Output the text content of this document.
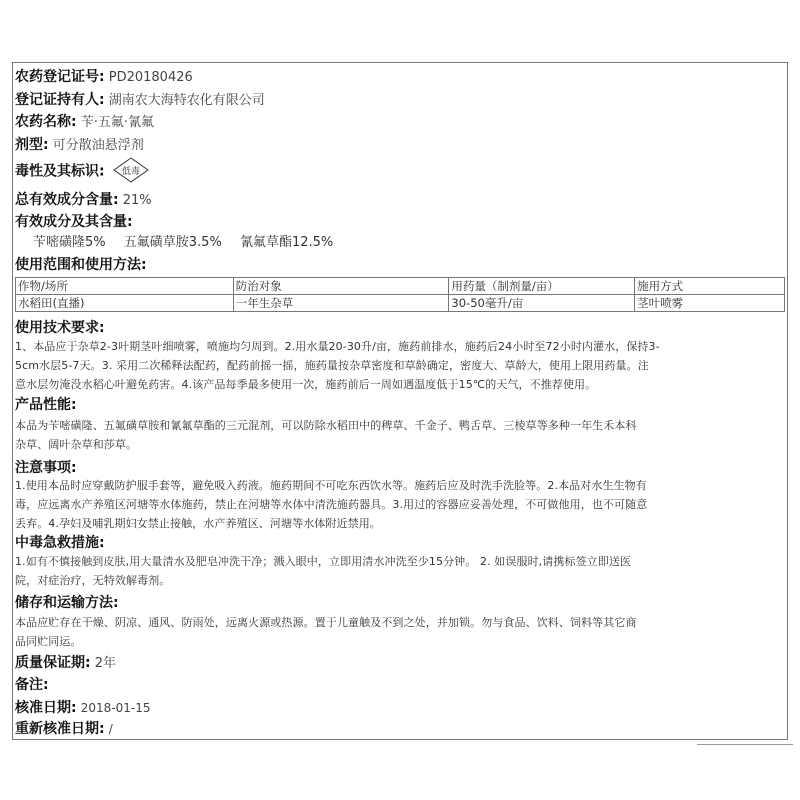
农药登记证号: PD20180426
登记证持有人: 湖南农大海特农化有限公司
农药名称: 苄·五氟·氰氟
剂型: 可分散油悬浮剂
毒性及其标识: 低毒
总有效成分含量: 21%
有效成分及其含量:
苄嘧磺隆5% 五氟磺草胺3.5% 氰氟草酯12.5%
使用范围和使用方法:
作物/场所	防治对象	用药量（制剂量/亩）	施用方式
水稻田(直播)	一年生杂草	30-50毫升/亩	茎叶喷雾
使用技术要求:
1、本品应于杂草2-3叶期茎叶细喷雾，喷施均匀周到。2.用水量20-30升/亩，施药前排水，施药后24小时至72小时内灌水，保持3-
5cm水层5-7天。3. 采用二次稀释法配药，配药前摇一摇，施药量按杂草密度和草龄确定，密度大、草龄大，使用上限用药量。注
意水层勿淹没水稻心叶避免药害。4.该产品每季最多使用一次，施药前后一周如遇温度低于15℃的天气，不推荐使用。
产品性能:
本品为苄嘧磺隆、五氟磺草胺和氰氟草酯的三元混剂，可以防除水稻田中的稗草、千金子、鸭舌草、三棱草等多种一年生禾本科
杂草、阔叶杂草和莎草。
注意事项:
1.使用本品时应穿戴防护服手套等，避免吸入药液。施药期间不可吃东西饮水等。施药后应及时洗手洗脸等。2.本品对水生生物有
毒，应远离水产养殖区河塘等水体施药，禁止在河塘等水体中清洗施药器具。3.用过的容器应妥善处理，不可做他用，也不可随意
丢弃。4.孕妇及哺乳期妇女禁止接触，水产养殖区、河塘等水体附近禁用。
中毒急救措施:
1.如有不慎接触到皮肤,用大量清水及肥皂冲洗干净；溅入眼中，立即用清水冲洗至少15分钟。 2. 如误服时,请携标签立即送医
院，对症治疗，无特效解毒剂。
储存和运输方法:
本品应贮存在干燥、阴凉、通风、防雨处，远离火源或热源。置于儿童触及不到之处，并加锁。勿与食品、饮料、饲料等其它商
品同贮同运。
质量保证期: 2年
备注:
核准日期: 2018-01-15
重新核准日期: /
